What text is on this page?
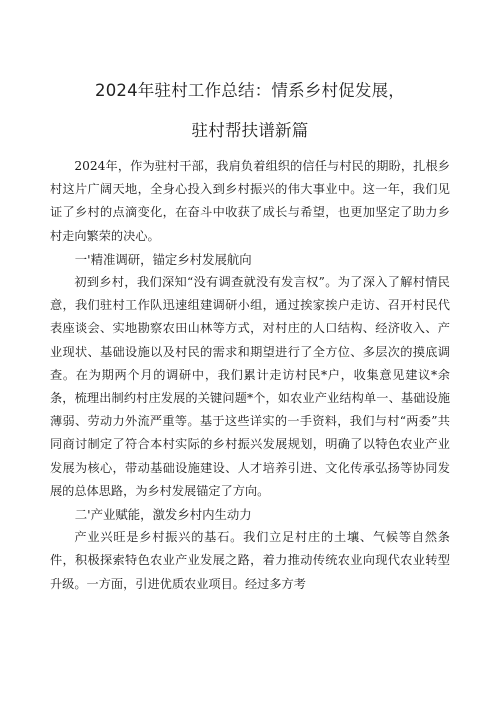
2024年驻村工作总结：情系乡村促发展，
驻村帮扶谱新篇

2024年，作为驻村干部，我肩负着组织的信任与村民的期盼，扎根乡村这片广阔天地，全身心投入到乡村振兴的伟大事业中。这一年，我们见证了乡村的点滴变化，在奋斗中收获了成长与希望，也更加坚定了助力乡村走向繁荣的决心。

一'精准调研，锚定乡村发展航向

初到乡村，我们深知“没有调查就没有发言权”。为了深入了解村情民意，我们驻村工作队迅速组建调研小组，通过挨家挨户走访、召开村民代表座谈会、实地勘察农田山林等方式，对村庄的人口结构、经济收入、产业现状、基础设施以及村民的需求和期望进行了全方位、多层次的摸底调查。在为期两个月的调研中，我们累计走访村民*户，收集意见建议*余条，梳理出制约村庄发展的关键问题*个，如农业产业结构单一、基础设施薄弱、劳动力外流严重等。基于这些详实的一手资料，我们与村“两委”共同商讨制定了符合本村实际的乡村振兴发展规划，明确了以特色农业产业发展为核心，带动基础设施建设、人才培养引进、文化传承弘扬等协同发展的总体思路，为乡村发展锚定了方向。

二'产业赋能，激发乡村内生动力

产业兴旺是乡村振兴的基石。我们立足村庄的土壤、气候等自然条件，积极探索特色农业产业发展之路，着力推动传统农业向现代农业转型升级。一方面，引进优质农业项目。经过多方考
